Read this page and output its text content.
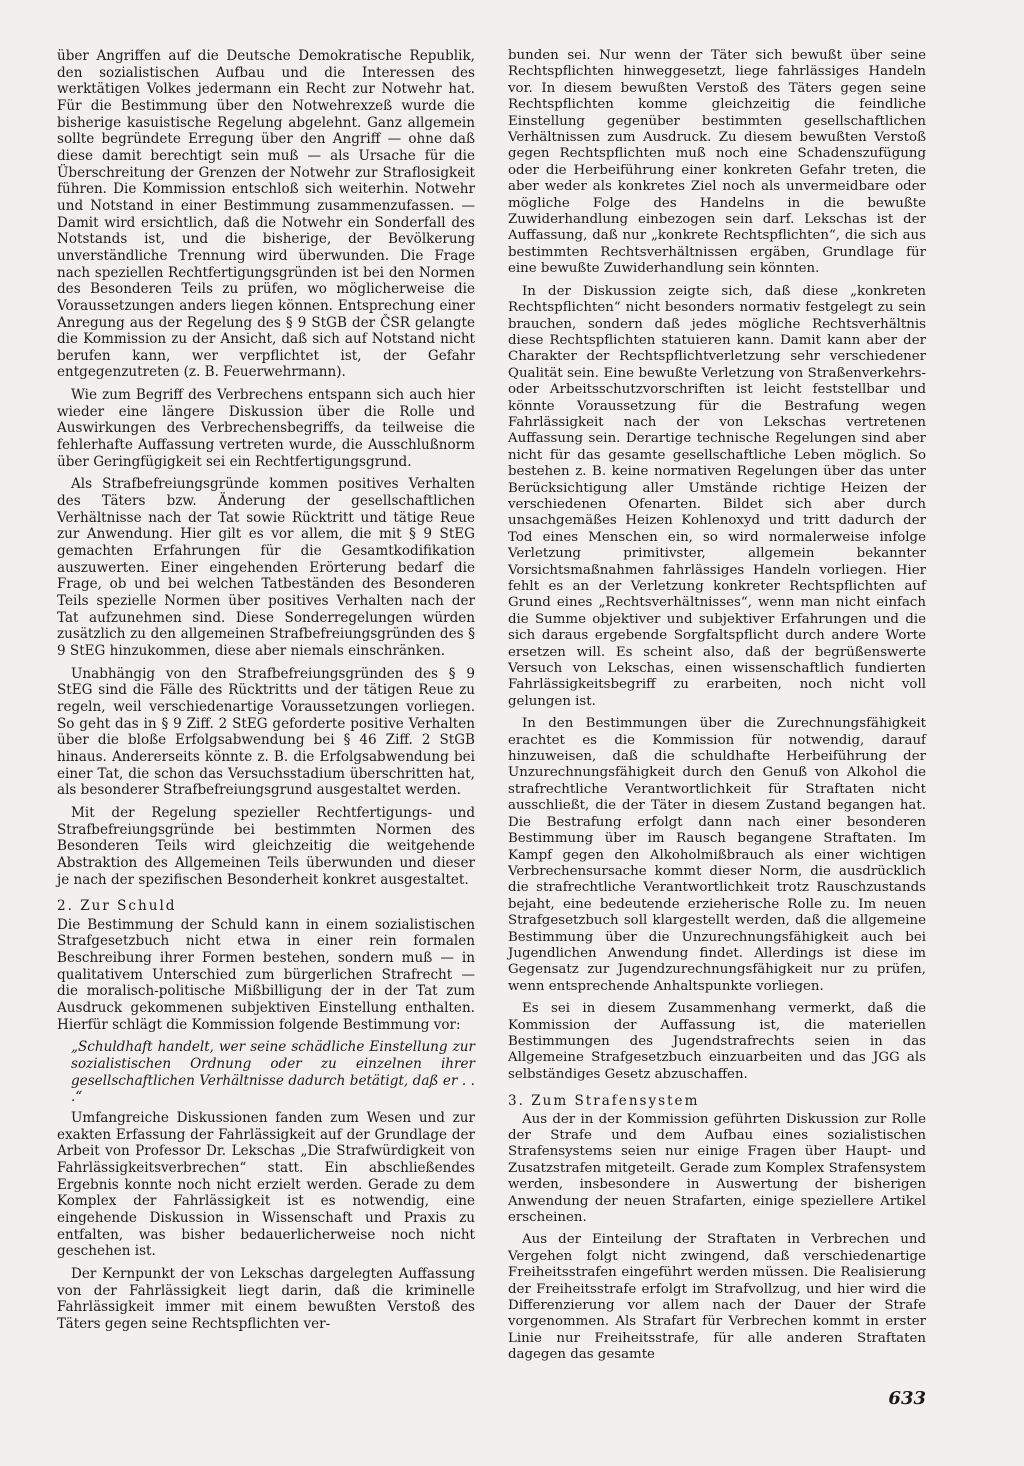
über Angriffen auf die Deutsche Demokratische Republik, den sozialistischen Aufbau und die Interessen des werktätigen Volkes jedermann ein Recht zur Notwehr hat. Für die Bestimmung über den Notwehrexzeß wurde die bisherige kasuistische Regelung abgelehnt. Ganz allgemein sollte begründete Erregung über den Angriff — ohne daß diese damit berechtigt sein muß — als Ursache für die Überschreitung der Grenzen der Notwehr zur Straflosigkeit führen. Die Kommission entschloß sich weiterhin. Notwehr und Notstand in einer Bestimmung zusammenzufassen. — Damit wird ersichtlich, daß die Notwehr ein Sonderfall des Notstands ist, und die bisherige, der Bevölkerung unverständliche Trennung wird überwunden. Die Frage nach speziellen Rechtfertigungsgründen ist bei den Normen des Besonderen Teils zu prüfen, wo möglicherweise die Voraussetzungen anders liegen können. Entsprechung einer Anregung aus der Regelung des § 9 StGB der ČSR gelangte die Kommission zu der Ansicht, daß sich auf Notstand nicht berufen kann, wer verpflichtet ist, der Gefahr entgegenzutreten (z. B. Feuerwehrmann).

Wie zum Begriff des Verbrechens entspann sich auch hier wieder eine längere Diskussion über die Rolle und Auswirkungen des Verbrechensbegriffs, da teilweise die fehlerhafte Auffassung vertreten wurde, die Ausschlußnorm über Geringfügigkeit sei ein Rechtfertigungsgrund.

Als Strafbefreiungsgründe kommen positives Verhalten des Täters bzw. Änderung der gesellschaftlichen Verhältnisse nach der Tat sowie Rücktritt und tätige Reue zur Anwendung. Hier gilt es vor allem, die mit § 9 StEG gemachten Erfahrungen für die Gesamtkodifikation auszuwerten. Einer eingehenden Erörterung bedarf die Frage, ob und bei welchen Tatbeständen des Besonderen Teils spezielle Normen über positives Verhalten nach der Tat aufzunehmen sind. Diese Sonderregelungen würden zusätzlich zu den allgemeinen Strafbefreiungsgründen des § 9 StEG hinzukommen, diese aber niemals einschränken.

Unabhängig von den Strafbefreiungsgründen des § 9 StEG sind die Fälle des Rücktritts und der tätigen Reue zu regeln, weil verschiedenartige Voraussetzungen vorliegen. So geht das in § 9 Ziff. 2 StEG geforderte positive Verhalten über die bloße Erfolgsabwendung bei § 46 Ziff. 2 StGB hinaus. Andererseits könnte z. B. die Erfolgsabwendung bei einer Tat, die schon das Versuchsstadium überschritten hat, als besonderer Strafbefreiungsgrund ausgestaltet werden.

Mit der Regelung spezieller Rechtfertigungs- und Strafbefreiungsgründe bei bestimmten Normen des Besonderen Teils wird gleichzeitig die weitgehende Abstraktion des Allgemeinen Teils überwunden und dieser je nach der spezifischen Besonderheit konkret ausgestaltet.

2. Zur Schuld

Die Bestimmung der Schuld kann in einem sozialistischen Strafgesetzbuch nicht etwa in einer rein formalen Beschreibung ihrer Formen bestehen, sondern muß — in qualitativem Unterschied zum bürgerlichen Strafrecht — die moralisch-politische Mißbilligung der in der Tat zum Ausdruck gekommenen subjektiven Einstellung enthalten. Hierfür schlägt die Kommission folgende Bestimmung vor:

„Schuldhaft handelt, wer seine schädliche Einstellung zur sozialistischen Ordnung oder zu einzelnen ihrer gesellschaftlichen Verhältnisse dadurch betätigt, daß er . . .“

Umfangreiche Diskussionen fanden zum Wesen und zur exakten Erfassung der Fahrlässigkeit auf der Grundlage der Arbeit von Professor Dr. Lekschas „Die Strafwürdigkeit von Fahrlässigkeitsverbrechen“ statt. Ein abschließendes Ergebnis konnte noch nicht erzielt werden. Gerade zu dem Komplex der Fahrlässigkeit ist es notwendig, eine eingehende Diskussion in Wissenschaft und Praxis zu entfalten, was bisher bedauerlicherweise noch nicht geschehen ist.

Der Kernpunkt der von Lekschas dargelegten Auffassung von der Fahrlässigkeit liegt darin, daß die kriminelle Fahrlässigkeit immer mit einem bewußten Verstoß des Täters gegen seine Rechtspflichten ver-

bunden sei. Nur wenn der Täter sich bewußt über seine Rechtspflichten hinweggesetzt, liege fahrlässiges Handeln vor. In diesem bewußten Verstoß des Täters gegen seine Rechtspflichten komme gleichzeitig die feindliche Einstellung gegenüber bestimmten gesellschaftlichen Verhältnissen zum Ausdruck. Zu diesem bewußten Verstoß gegen Rechtspflichten muß noch eine Schadenszufügung oder die Herbeiführung einer konkreten Gefahr treten, die aber weder als konkretes Ziel noch als unvermeidbare oder mögliche Folge des Handelns in die bewußte Zuwiderhandlung einbezogen sein darf. Lekschas ist der Auffassung, daß nur „konkrete Rechtspflichten“, die sich aus bestimmten Rechtsverhältnissen ergäben, Grundlage für eine bewußte Zuwiderhandlung sein könnten.

In der Diskussion zeigte sich, daß diese „konkreten Rechtspflichten“ nicht besonders normativ festgelegt zu sein brauchen, sondern daß jedes mögliche Rechtsverhältnis diese Rechtspflichten statuieren kann. Damit kann aber der Charakter der Rechtspflichtverletzung sehr verschiedener Qualität sein. Eine bewußte Verletzung von Straßenverkehrs- oder Arbeitsschutzvorschriften ist leicht feststellbar und könnte Voraussetzung für die Bestrafung wegen Fahrlässigkeit nach der von Lekschas vertretenen Auffassung sein. Derartige technische Regelungen sind aber nicht für das gesamte gesellschaftliche Leben möglich. So bestehen z. B. keine normativen Regelungen über das unter Berücksichtigung aller Umstände richtige Heizen der verschiedenen Ofenarten. Bildet sich aber durch unsachgemäßes Heizen Kohlenoxyd und tritt dadurch der Tod eines Menschen ein, so wird normalerweise infolge Verletzung primitivster, allgemein bekannter Vorsichtsmaßnahmen fahrlässiges Handeln vorliegen. Hier fehlt es an der Verletzung konkreter Rechtspflichten auf Grund eines „Rechtsverhältnisses“, wenn man nicht einfach die Summe objektiver und subjektiver Erfahrungen und die sich daraus ergebende Sorgfaltspflicht durch andere Worte ersetzen will. Es scheint also, daß der begrüßenswerte Versuch von Lekschas, einen wissenschaftlich fundierten Fahrlässigkeitsbegriff zu erarbeiten, noch nicht voll gelungen ist.

In den Bestimmungen über die Zurechnungsfähigkeit erachtet es die Kommission für notwendig, darauf hinzuweisen, daß die schuldhafte Herbeiführung der Unzurechnungsfähigkeit durch den Genuß von Alkohol die strafrechtliche Verantwortlichkeit für Straftaten nicht ausschließt, die der Täter in diesem Zustand begangen hat. Die Bestrafung erfolgt dann nach einer besonderen Bestimmung über im Rausch begangene Straftaten. Im Kampf gegen den Alkoholmißbrauch als einer wichtigen Verbrechensursache kommt dieser Norm, die ausdrücklich die strafrechtliche Verantwortlichkeit trotz Rauschzustands bejaht, eine bedeutende erzieherische Rolle zu. Im neuen Strafgesetzbuch soll klargestellt werden, daß die allgemeine Bestimmung über die Unzurechnungsfähigkeit auch bei Jugendlichen Anwendung findet. Allerdings ist diese im Gegensatz zur Jugendzurechnungsfähigkeit nur zu prüfen, wenn entsprechende Anhaltspunkte vorliegen.

Es sei in diesem Zusammenhang vermerkt, daß die Kommission der Auffassung ist, die materiellen Bestimmungen des Jugendstrafrechts seien in das Allgemeine Strafgesetzbuch einzuarbeiten und das JGG als selbständiges Gesetz abzuschaffen.

3. Zum Strafensystem

Aus der in der Kommission geführten Diskussion zur Rolle der Strafe und dem Aufbau eines sozialistischen Strafensystems seien nur einige Fragen über Haupt- und Zusatzstrafen mitgeteilt. Gerade zum Komplex Strafensystem werden, insbesondere in Auswertung der bisherigen Anwendung der neuen Strafarten, einige speziellere Artikel erscheinen.

Aus der Einteilung der Straftaten in Verbrechen und Vergehen folgt nicht zwingend, daß verschiedenartige Freiheitsstrafen eingeführt werden müssen. Die Realisierung der Freiheitsstrafe erfolgt im Strafvollzug, und hier wird die Differenzierung vor allem nach der Dauer der Strafe vorgenommen. Als Strafart für Verbrechen kommt in erster Linie nur Freiheitsstrafe, für alle anderen Straftaten dagegen das gesamte

633
